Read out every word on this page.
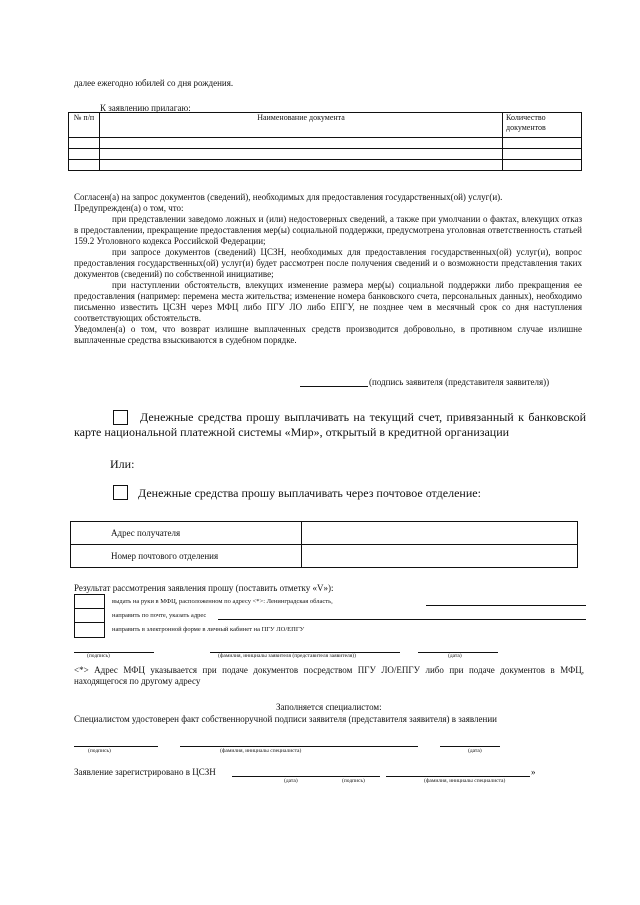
далее ежегодно юбилей со дня рождения.
К заявлению прилагаю:
№ п/п	Наименование документа	Количество документов

Согласен(а) на запрос документов (сведений), необходимых для предоставления государственных(ой) услуг(и).
Предупрежден(а) о том, что:
при представлении заведомо ложных и (или) недостоверных сведений, а также при умолчании о фактах, влекущих отказ в предоставлении, прекращение предоставления мер(ы) социальной поддержки, предусмотрена уголовная ответственность статьей 159.2 Уголовного кодекса Российской Федерации;
при запросе документов (сведений) ЦСЗН, необходимых для предоставления государственных(ой) услуг(и), вопрос предоставления государственных(ой) услуг(и) будет рассмотрен после получения сведений и о возможности представления таких документов (сведений) по собственной инициативе;
при наступлении обстоятельств, влекущих изменение размера мер(ы) социальной поддержки либо прекращения ее предоставления (например: перемена места жительства; изменение номера банковского счета, персональных данных), необходимо письменно известить ЦСЗН через МФЦ либо ПГУ ЛО либо ЕПГУ, не позднее чем в месячный срок со дня наступления соответствующих обстоятельств.
Уведомлен(а) о том, что возврат излишне выплаченных средств производится добровольно, в противном случае излишне выплаченные средства взыскиваются в судебном порядке.
(подпись заявителя (представителя заявителя))
Денежные средства прошу выплачивать на текущий счет, привязанный к банковской карте национальной платежной системы «Мир», открытый в кредитной организации
Или:
Денежные средства прошу выплачивать через почтовое отделение:
Адрес получателя	
Номер почтового отделения	
Результат рассмотрения заявления прошу (поставить отметку «V»):
выдать на руки в МФЦ, расположенном по адресу <*>: Ленинградская область,
направить по почте, указать адрес
направить в электронной форме в личный кабинет на ПГУ ЛО/ЕПГУ
(подпись)	(фамилия, инициалы заявителя (представителя заявителя))	(дата)
<*> Адрес МФЦ указывается при подаче документов посредством ПГУ ЛО/ЕПГУ либо при подаче документов в МФЦ, находящегося по другому адресу
Заполняется специалистом:
Специалистом удостоверен факт собственноручной подписи заявителя (представителя заявителя) в заявлении
(подпись)	(фамилия, инициалы специалиста)	(дата)
Заявление зарегистрировано в ЦСЗН	»
(дата)	(подпись)	(фамилия, инициалы специалиста)
